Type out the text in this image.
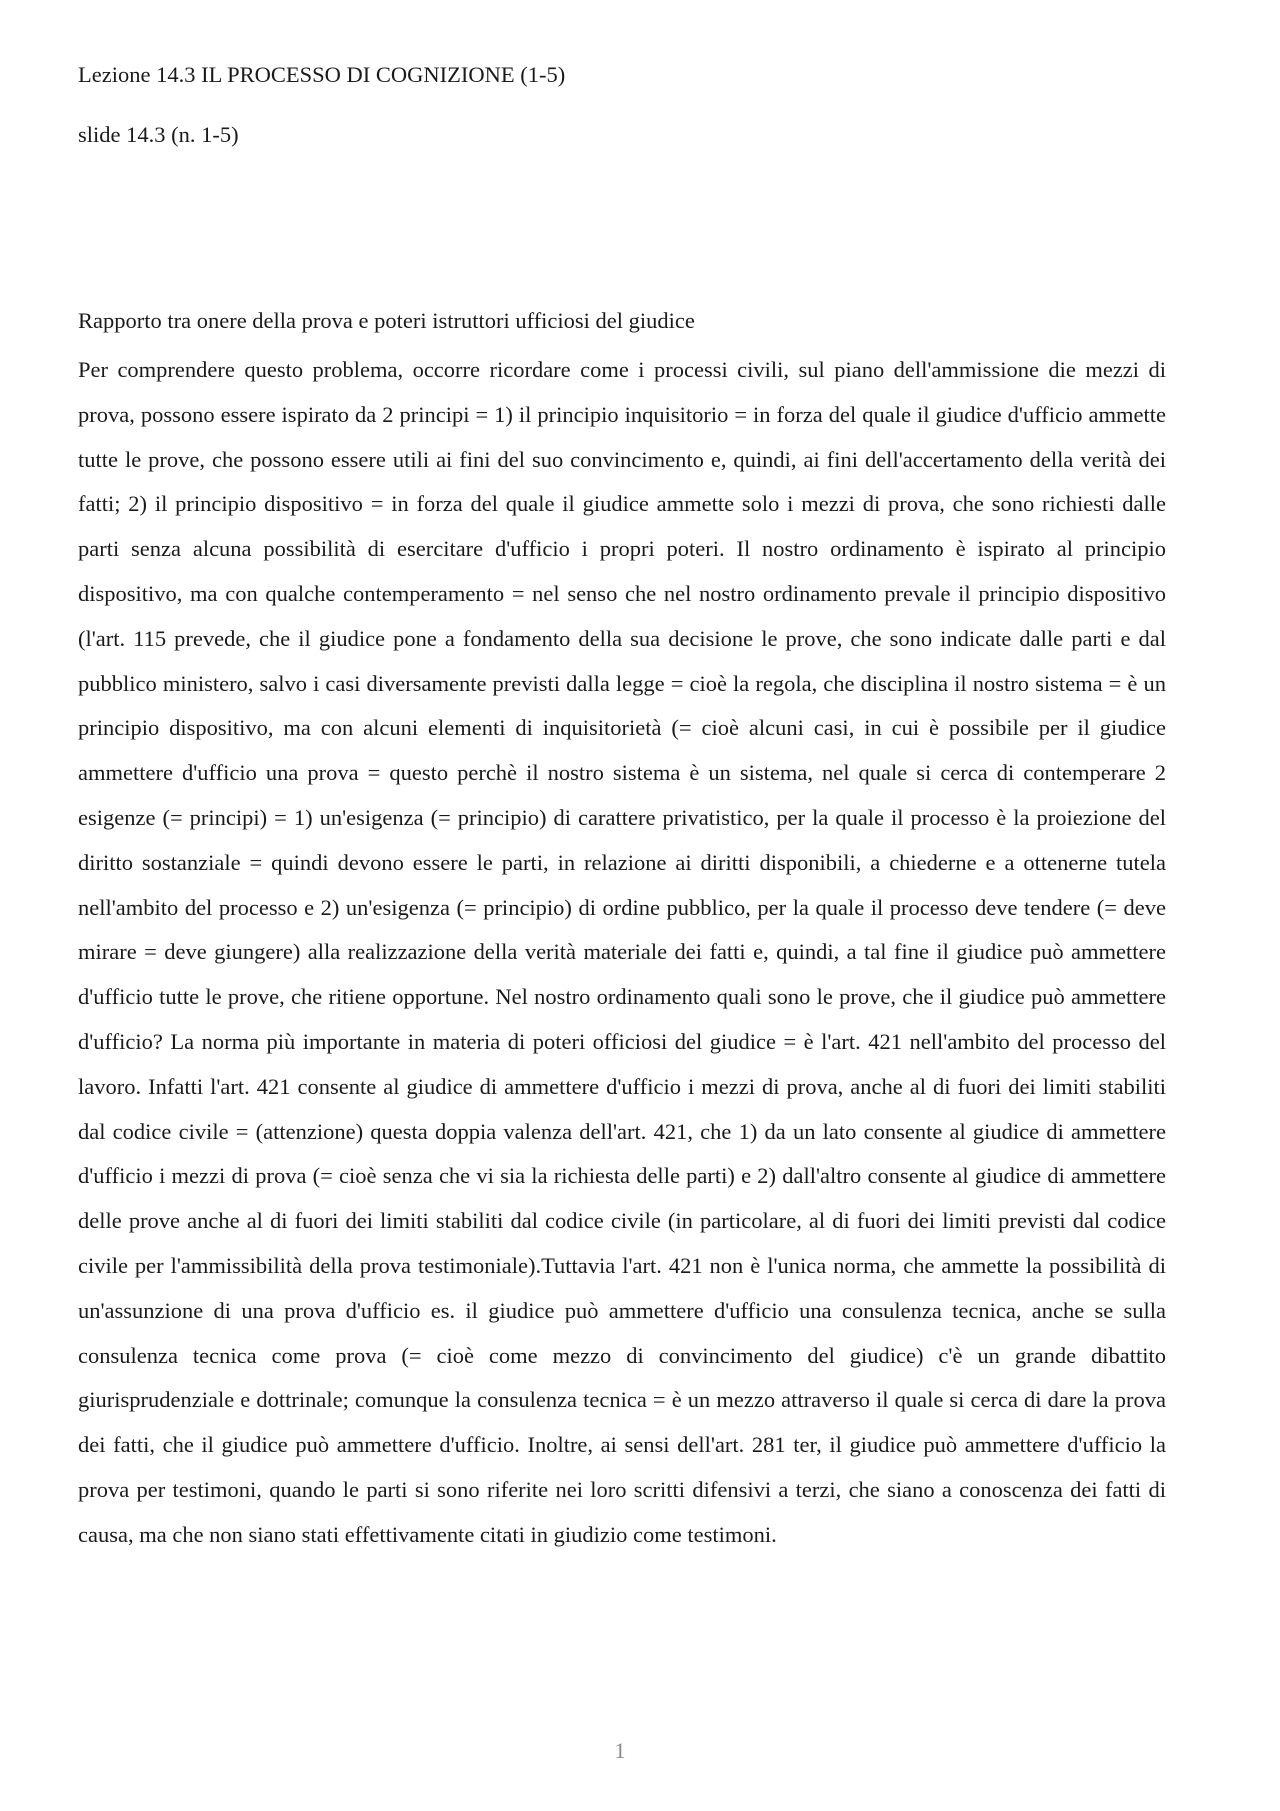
Lezione 14.3 IL PROCESSO DI COGNIZIONE (1-5)
slide 14.3 (n. 1-5)
Rapporto tra onere della prova e poteri istruttori ufficiosi del giudice
Per comprendere questo problema, occorre ricordare come i processi civili, sul piano dell'ammissione die mezzi di prova, possono essere ispirato da 2 principi = 1) il principio inquisitorio = in forza del quale il giudice d'ufficio ammette tutte le prove, che possono essere utili ai fini del suo convincimento e, quindi, ai fini dell'accertamento della verità dei fatti; 2) il principio dispositivo = in forza del quale il giudice ammette solo i mezzi di prova, che sono richiesti dalle parti senza alcuna possibilità di esercitare d'ufficio i propri poteri. Il nostro ordinamento è ispirato al principio dispositivo, ma con qualche contemperamento = nel senso che nel nostro ordinamento prevale il principio dispositivo (l'art. 115 prevede, che il giudice pone a fondamento della sua decisione le prove, che sono indicate dalle parti e dal pubblico ministero, salvo i casi diversamente previsti dalla legge = cioè la regola, che disciplina il nostro sistema = è un principio dispositivo, ma con alcuni elementi di inquisitorietà (= cioè alcuni casi, in cui è possibile per il giudice ammettere d'ufficio una prova = questo perchè il nostro sistema è un sistema, nel quale si cerca di contemperare 2 esigenze (= principi) = 1) un'esigenza (= principio) di carattere privatistico, per la quale il processo è la proiezione del diritto sostanziale = quindi devono essere le parti, in relazione ai diritti disponibili, a chiederne e a ottenerne tutela nell'ambito del processo e 2) un'esigenza (= principio) di ordine pubblico, per la quale il processo deve tendere (= deve mirare = deve giungere) alla realizzazione della verità materiale dei fatti e, quindi, a tal fine il giudice può ammettere d'ufficio tutte le prove, che ritiene opportune. Nel nostro ordinamento quali sono le prove, che il giudice può ammettere d'ufficio? La norma più importante in materia di poteri officiosi del giudice = è l'art. 421 nell'ambito del processo del lavoro. Infatti l'art. 421 consente al giudice di ammettere d'ufficio i mezzi di prova, anche al di fuori dei limiti stabiliti dal codice civile = (attenzione) questa doppia valenza dell'art. 421, che 1) da un lato consente al giudice di ammettere d'ufficio i mezzi di prova (= cioè senza che vi sia la richiesta delle parti) e 2) dall'altro consente al giudice di ammettere delle prove anche al di fuori dei limiti stabiliti dal codice civile (in particolare, al di fuori dei limiti previsti dal codice civile per l'ammissibilità della prova testimoniale).Tuttavia l'art. 421 non è l'unica norma, che ammette la possibilità di un'assunzione di una prova d'ufficio es. il giudice può ammettere d'ufficio una consulenza tecnica, anche se sulla consulenza tecnica come prova (= cioè come mezzo di convincimento del giudice) c'è un grande dibattito giurisprudenziale e dottrinale; comunque la consulenza tecnica = è un mezzo attraverso il quale si cerca di dare la prova dei fatti, che il giudice può ammettere d'ufficio. Inoltre, ai sensi dell'art. 281 ter, il giudice può ammettere d'ufficio la prova per testimoni, quando le parti si sono riferite nei loro scritti difensivi a terzi, che siano a conoscenza dei fatti di causa, ma che non siano stati effettivamente citati in giudizio come testimoni.
1
